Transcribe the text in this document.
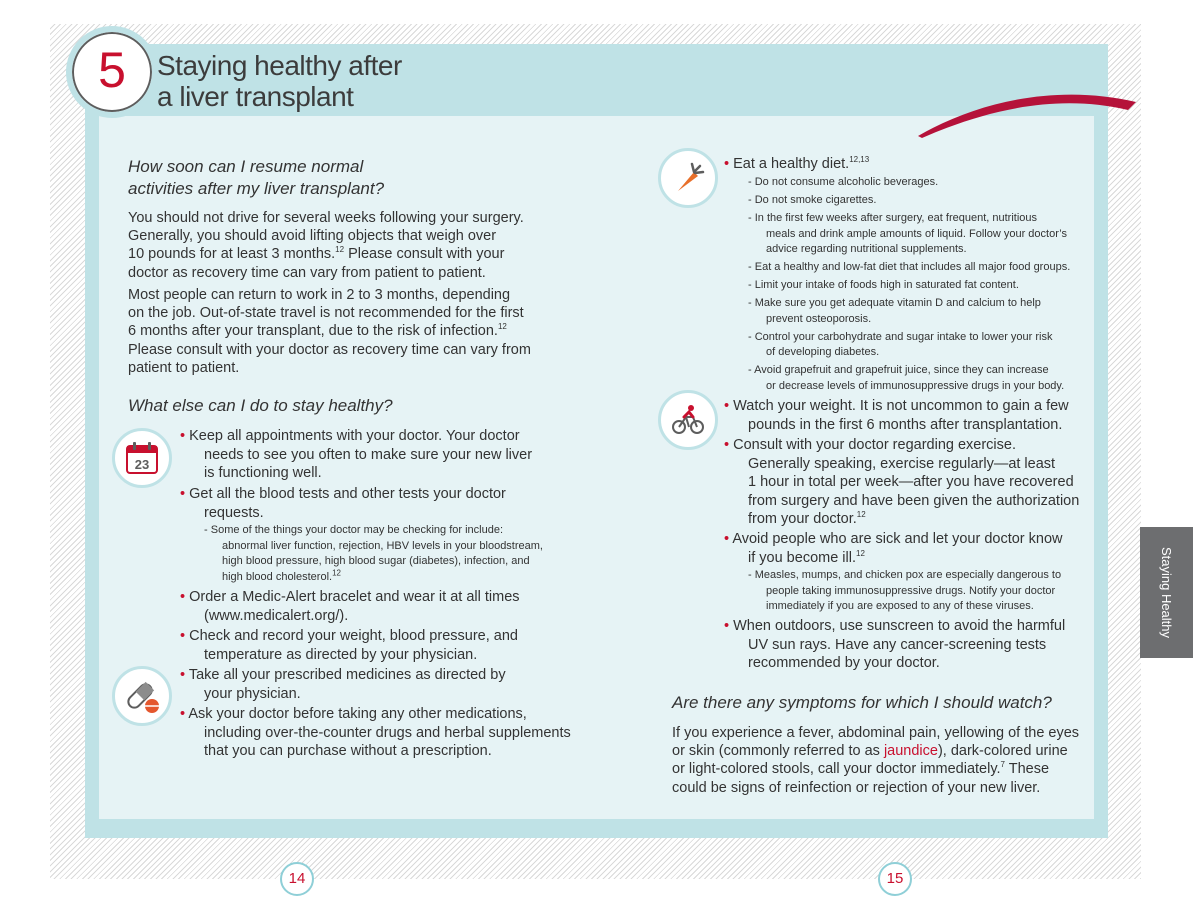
5	Staying healthy after
a liver transplant
Staying Healthy
14	15
How soon can I resume normal
activities after my liver transplant?
You should not drive for several weeks following your surgery.
Generally, you should avoid lifting objects that weigh over
10 pounds for at least 3 months.$^{12}$ Please consult with your
doctor as recovery time can vary from patient to patient.
Most people can return to work in 2 to 3 months, depending
on the job. Out-of-state travel is not recommended for the first
6 months after your transplant, due to the risk of infection.$^{12}$
Please consult with your doctor as recovery time can vary from
patient to patient.
What else can I do to stay healthy?
23
• Keep all appointments with your doctor. Your doctor
needs to see you often to make sure your new liver
is functioning well.
• Get all the blood tests and other tests your doctor
requests.
- Some of the things your doctor may be checking for include:
abnormal liver function, rejection, HBV levels in your bloodstream,
high blood pressure, high blood sugar (diabetes), infection, and
high blood cholesterol.$^{12}$
• Order a Medic-Alert bracelet and wear it at all times
(www.medicalert.org/).
• Check and record your weight, blood pressure, and
temperature as directed by your physician.
• Take all your prescribed medicines as directed by
your physician.
• Ask your doctor before taking any other medications,
including over-the-counter drugs and herbal supplements
that you can purchase without a prescription.
• Eat a healthy diet.$^{12,13}$
- Do not consume alcoholic beverages.
- Do not smoke cigarettes.
- In the first few weeks after surgery, eat frequent, nutritious
meals and drink ample amounts of liquid. Follow your doctor’s
advice regarding nutritional supplements.
- Eat a healthy and low-fat diet that includes all major food groups.
- Limit your intake of foods high in saturated fat content.
- Make sure you get adequate vitamin D and calcium to help
prevent osteoporosis.
- Control your carbohydrate and sugar intake to lower your risk
of developing diabetes.
- Avoid grapefruit and grapefruit juice, since they can increase
or decrease levels of immunosuppressive drugs in your body.
• Watch your weight. It is not uncommon to gain a few
pounds in the first 6 months after transplantation.
• Consult with your doctor regarding exercise.
Generally speaking, exercise regularly—at least
1 hour in total per week—after you have recovered
from surgery and have been given the authorization
from your doctor.$^{12}$
• Avoid people who are sick and let your doctor know
if you become ill.$^{12}$
- Measles, mumps, and chicken pox are especially dangerous to
people taking immunosuppressive drugs. Notify your doctor
immediately if you are exposed to any of these viruses.
• When outdoors, use sunscreen to avoid the harmful
UV sun rays. Have any cancer-screening tests
recommended by your doctor.
Are there any symptoms for which I should watch?
If you experience a fever, abdominal pain, yellowing of the eyes
or skin (commonly referred to as jaundice), dark-colored urine
or light-colored stools, call your doctor immediately.$^7$ These
could be signs of reinfection or rejection of your new liver.
